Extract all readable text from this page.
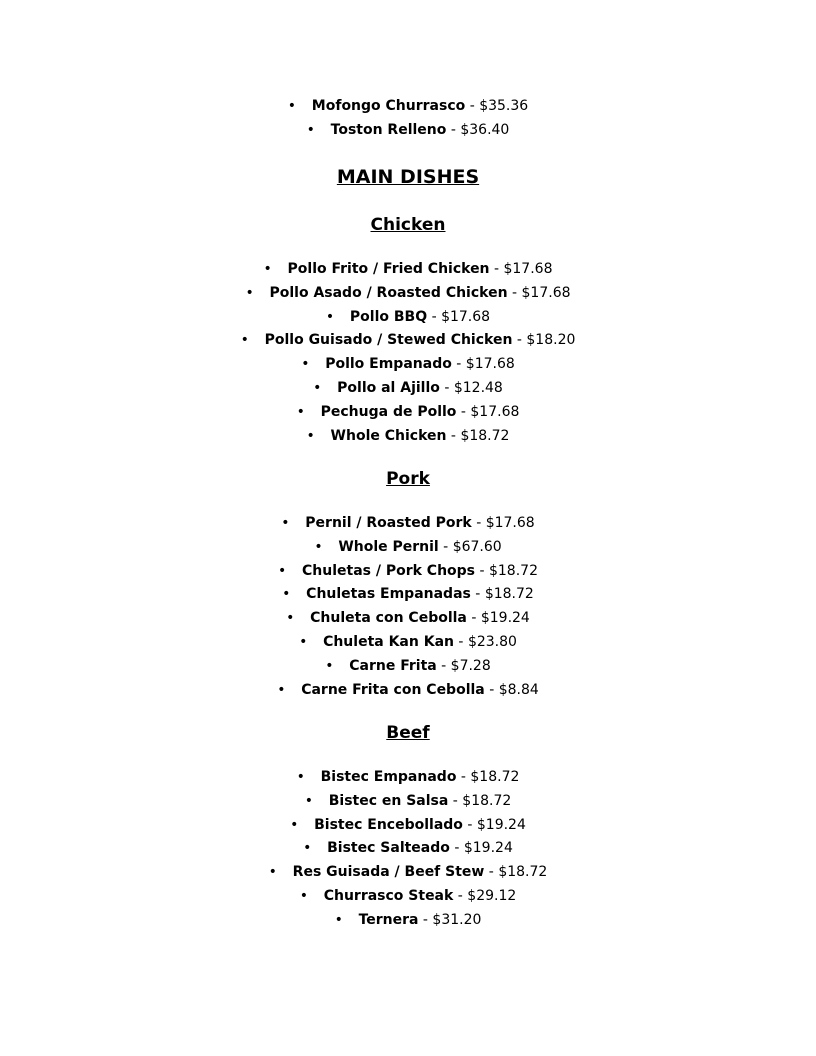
• Mofongo Churrasco - $35.36
• Toston Relleno - $36.40
MAIN DISHES
Chicken
• Pollo Frito / Fried Chicken - $17.68
• Pollo Asado / Roasted Chicken - $17.68
• Pollo BBQ - $17.68
• Pollo Guisado / Stewed Chicken - $18.20
• Pollo Empanado - $17.68
• Pollo al Ajillo - $12.48
• Pechuga de Pollo - $17.68
• Whole Chicken - $18.72
Pork
• Pernil / Roasted Pork - $17.68
• Whole Pernil - $67.60
• Chuletas / Pork Chops - $18.72
• Chuletas Empanadas - $18.72
• Chuleta con Cebolla - $19.24
• Chuleta Kan Kan - $23.80
• Carne Frita - $7.28
• Carne Frita con Cebolla - $8.84
Beef
• Bistec Empanado - $18.72
• Bistec en Salsa - $18.72
• Bistec Encebollado - $19.24
• Bistec Salteado - $19.24
• Res Guisada / Beef Stew - $18.72
• Churrasco Steak - $29.12
• Ternera - $31.20
